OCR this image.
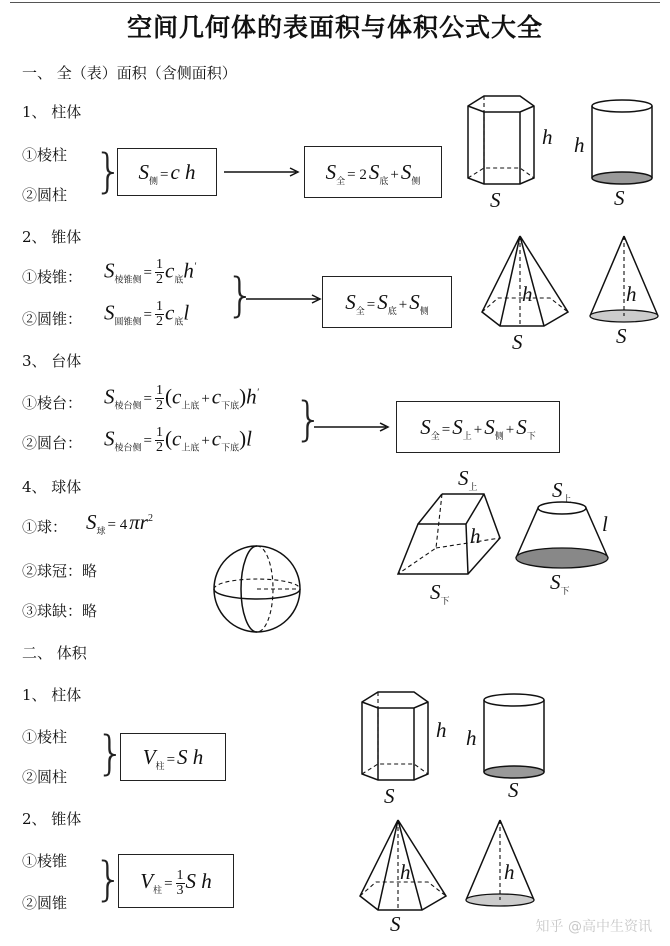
空间几何体的表面积与体积公式大全
一、 全（表）面积（含侧面积）
1、 柱体
①棱柱
②圆柱 } $S_侧 =c$ h	$S_全 = 2S_底 +S_侧$
h
S
h
S
2、 锥体
①棱锥：
②圆锥：
$S_{棱锥侧} = \frac{1}{2} c_底h'$
$S_{圆锥侧} = \frac{1}{2} c_底l$ }	$S_全 =S_底 +S_侧$
h
S
h
S
3、 台体
①棱台：
②圆台：
$S_{棱台侧} = \frac{1}{2} (c_{上底} +c_{下底})h'$
$S_{棱台侧} = \frac{1}{2} (c_{上底} +c_{下底})l$ }	$S_全 =S_上 +S_侧 +S_下$
4、 球体
①球： $S_球 = 4\pi r^2$
②球冠：略
③球缺：略
$S_上$
h
$S_下$
$S_上$
l
$S_下$
二、 体积
1、 柱体
①棱柱
②圆柱 } $V_柱 =S$ h
h
S
h
S
2、 锥体
①棱锥
②圆锥 } $V_柱 = \frac{1}{3}$ S h	h
S
h
知乎 @高中生资讯
